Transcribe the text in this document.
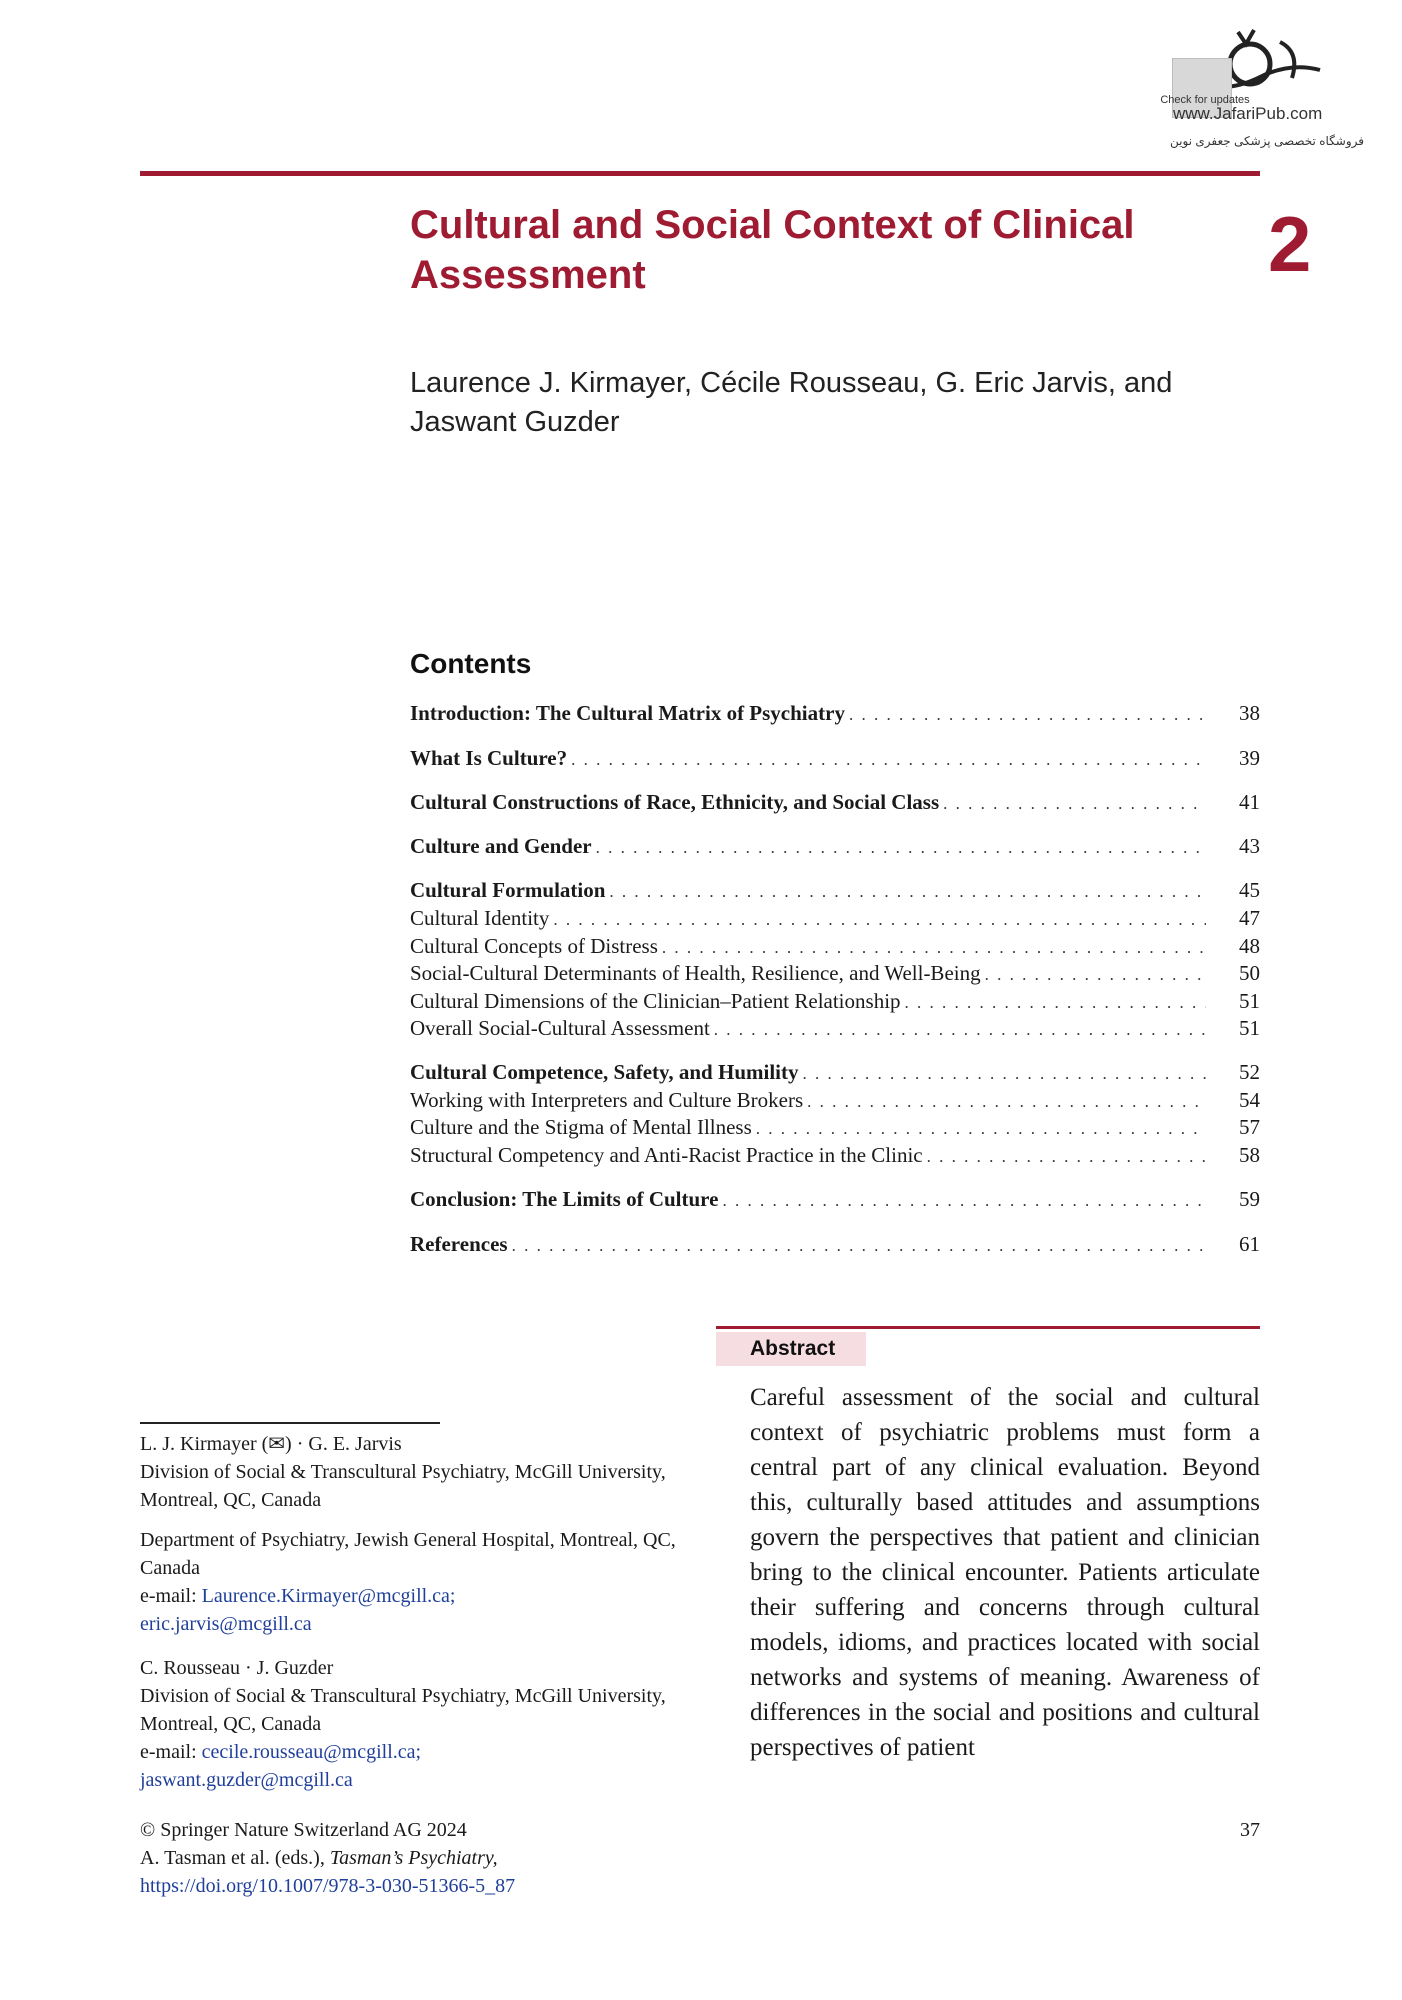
Check for updates
www.JafariPub.com
فروشگاه تخصصی پزشکی جعفری نوین
Cultural and Social Context of Clinical Assessment	2
Laurence J. Kirmayer, Cécile Rousseau, G. Eric Jarvis, and Jaswant Guzder
Contents
Introduction: The Cultural Matrix of Psychiatry . . .	38
What Is Culture? . . .	39
Cultural Constructions of Race, Ethnicity, and Social Class . . .	41
Culture and Gender . . .	43
Cultural Formulation . . .	45
Cultural Identity . . .	47
Cultural Concepts of Distress . . .	48
Social-Cultural Determinants of Health, Resilience, and Well-Being . . .	50
Cultural Dimensions of the Clinician–Patient Relationship . . .	51
Overall Social-Cultural Assessment . . .	51
Cultural Competence, Safety, and Humility . . .	52
Working with Interpreters and Culture Brokers . . .	54
Culture and the Stigma of Mental Illness . . .	57
Structural Competency and Anti-Racist Practice in the Clinic . . .	58
Conclusion: The Limits of Culture . . .	59
References . . .	61
Abstract

Careful assessment of the social and cultural context of psychiatric problems must form a central part of any clinical evaluation. Beyond this, culturally based attitudes and assumptions govern the perspectives that patient and clinician bring to the clinical encounter. Patients articulate their suffering and concerns through cultural models, idioms, and practices located with social networks and systems of meaning. Awareness of differences in the social and positions and cultural perspectives of patient

L. J. Kirmayer (✉) · G. E. Jarvis

Division of Social & Transcultural Psychiatry, McGill University, Montreal, QC, Canada

Department of Psychiatry, Jewish General Hospital, Montreal, QC, Canada

e-mail: Laurence.Kirmayer@mcgill.ca;

eric.jarvis@mcgill.ca

C. Rousseau · J. Guzder

Division of Social & Transcultural Psychiatry, McGill University, Montreal, QC, Canada

e-mail: cecile.rousseau@mcgill.ca;

jaswant.guzder@mcgill.ca

© Springer Nature Switzerland AG 2024

A. Tasman et al. (eds.), Tasman’s Psychiatry,

https://doi.org/10.1007/978-3-030-51366-5_87

37
